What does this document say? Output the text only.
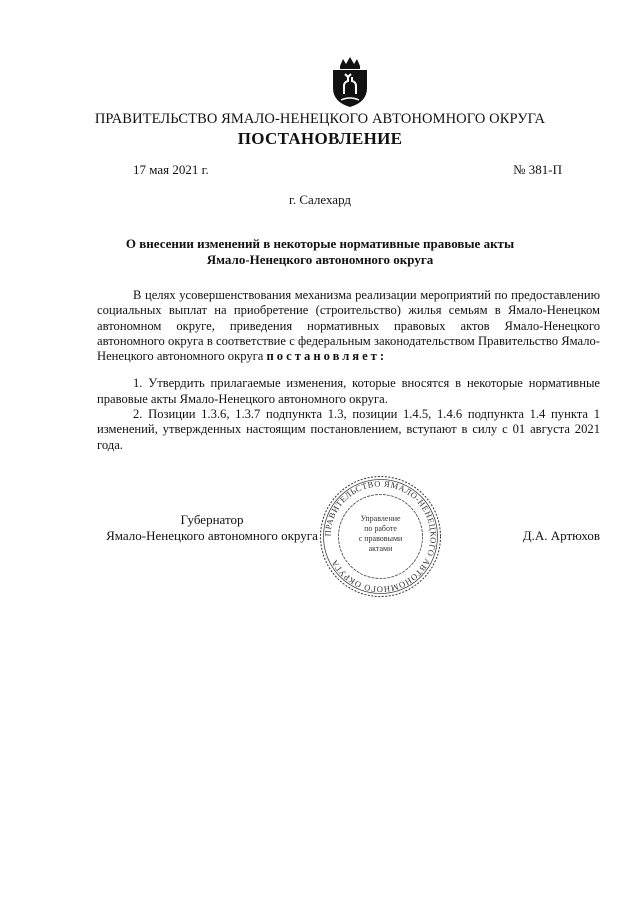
ПРАВИТЕЛЬСТВО ЯМАЛО-НЕНЕЦКОГО АВТОНОМНОГО ОКРУГА
ПОСТАНОВЛЕНИЕ
17 мая 2021 г.	№ 381-П
г. Салехард
О внесении изменений в некоторые нормативные правовые акты
Ямало-Ненецкого автономного округа

В целях усовершенствования механизма реализации мероприятий по предоставлению социальных выплат на приобретение (строительство) жилья семьям в Ямало-Ненецком автономном округе, приведения нормативных правовых актов Ямало-Ненецкого автономного округа в соответствие с федеральным законодательством Правительство Ямало-Ненецкого автономного округа постановляет:

1. Утвердить прилагаемые изменения, которые вносятся в некоторые нормативные правовые акты Ямало-Ненецкого автономного округа.

2. Позиции 1.3.6, 1.3.7 подпункта 1.3, позиции 1.4.5, 1.4.6 подпункта 1.4 пункта 1 изменений, утвержденных настоящим постановлением, вступают в силу с 01 августа 2021 года.

Губернатор
Ямало-Ненецкого автономного округа	Д.А. Артюхов
ПРАВИТЕЛЬСТВО ЯМАЛО-НЕНЕЦКОГО АВТОНОМНОГО ОКРУГА
Управление
по работе
с правовыми
актами
